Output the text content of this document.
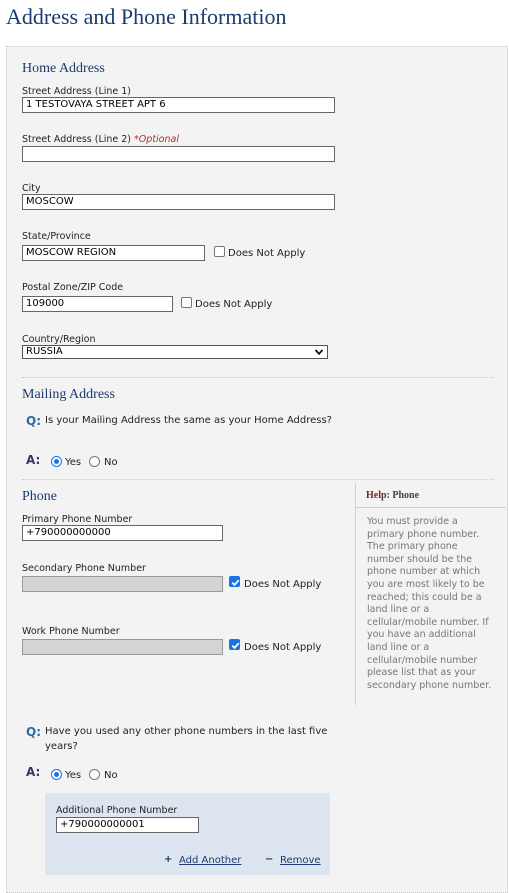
Address and Phone Information
Home Address
Street Address (Line 1)
1 TESTOVAYA STREET APT 6
Street Address (Line 2) *Optional
City
MOSCOW
State/Province
MOSCOW REGION	Does Not Apply
Postal Zone/ZIP Code
109000	Does Not Apply
Country/Region
RUSSIA
Mailing Address
Q: Is your Mailing Address the same as your Home Address?
A: Yes No
Phone
Primary Phone Number
+790000000000
Secondary Phone Number
Does Not Apply
Work Phone Number
Does Not Apply
Help: Phone
You must provide a primary phone number. The primary phone number should be the phone number at which you are most likely to be reached; this could be a land line or a cellular/mobile number. If you have an additional land line or a cellular/mobile number please list that as your secondary phone number.
Q: Have you used any other phone numbers in the last five years?
A: Yes No
Additional Phone Number
+790000000001
+ Add Another − Remove
